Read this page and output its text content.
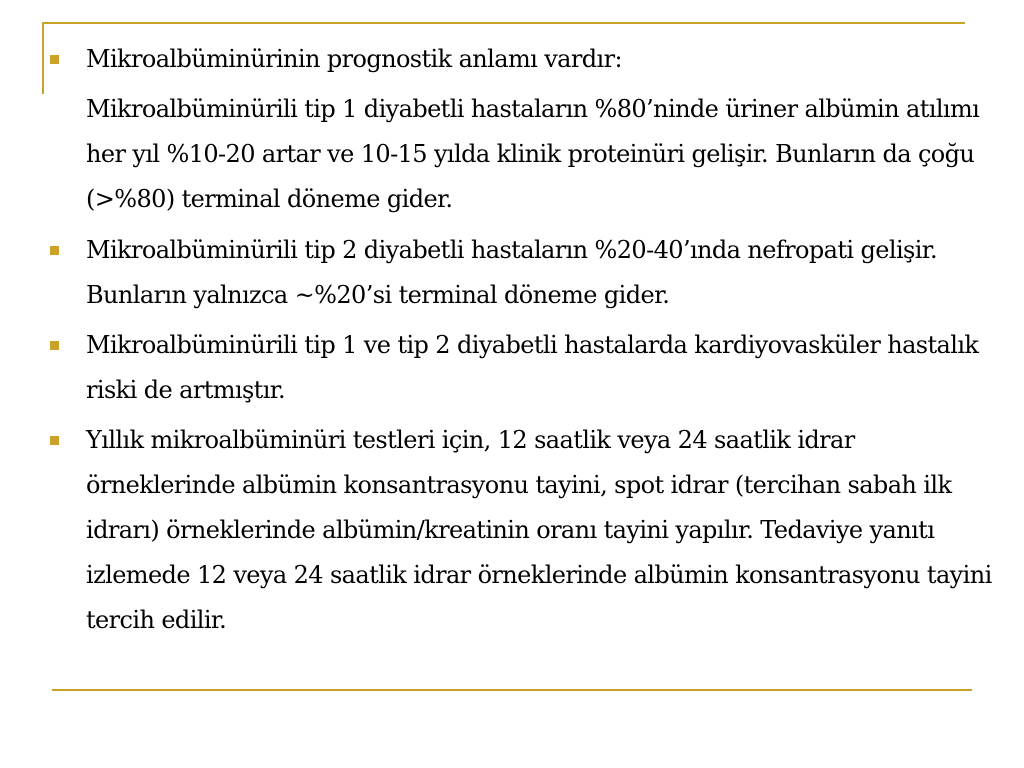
Mikroalbüminürinin prognostik anlamı vardır:
Mikroalbüminürili tip 1 diyabetli hastaların %80’ninde üriner albümin atılımı her yıl %10-20 artar ve 10-15 yılda klinik proteinüri gelişir. Bunların da çoğu (>%80) terminal döneme gider.
Mikroalbüminürili tip 2 diyabetli hastaların %20-40’ında nefropati gelişir. Bunların yalnızca ~%20’si terminal döneme gider.
Mikroalbüminürili tip 1 ve tip 2 diyabetli hastalarda kardiyovasküler hastalık riski de artmıştır.
Yıllık mikroalbüminüri testleri için, 12 saatlik veya 24 saatlik idrar örneklerinde albümin konsantrasyonu tayini, spot idrar (tercihan sabah ilk idrarı) örneklerinde albümin/kreatinin oranı tayini yapılır. Tedaviye yanıtı izlemede 12 veya 24 saatlik idrar örneklerinde albümin konsantrasyonu tayini tercih edilir.
